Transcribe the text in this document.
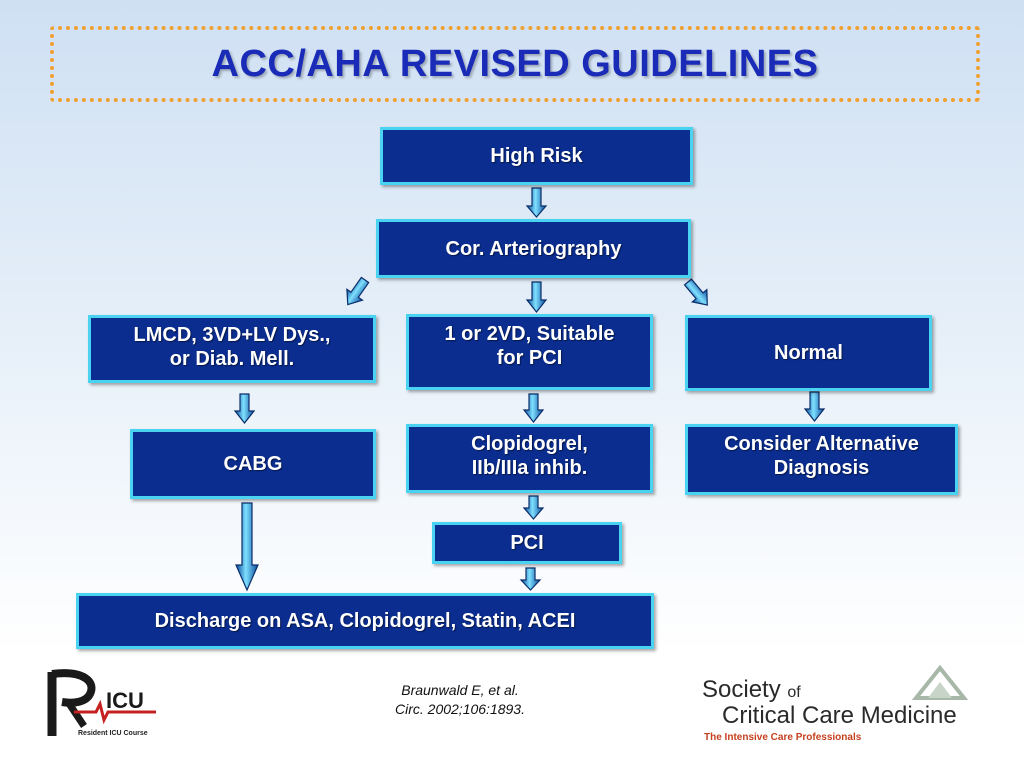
ACC/AHA REVISED GUIDELINES
High Risk
Cor. Arteriography
LMCD, 3VD+LV Dys.,
or Diab. Mell.
1 or 2VD, Suitable
for PCI	Normal
CABG
Clopidogrel,
IIb/IIIa inhib.
Consider Alternative
Diagnosis
PCI
Discharge on ASA, Clopidogrel, Statin, ACEI
Braunwald E, et al.
Circ. 2002;106:1893.
ICU
Resident ICU Course
Society of
Critical Care Medicine
The Intensive Care Professionals
